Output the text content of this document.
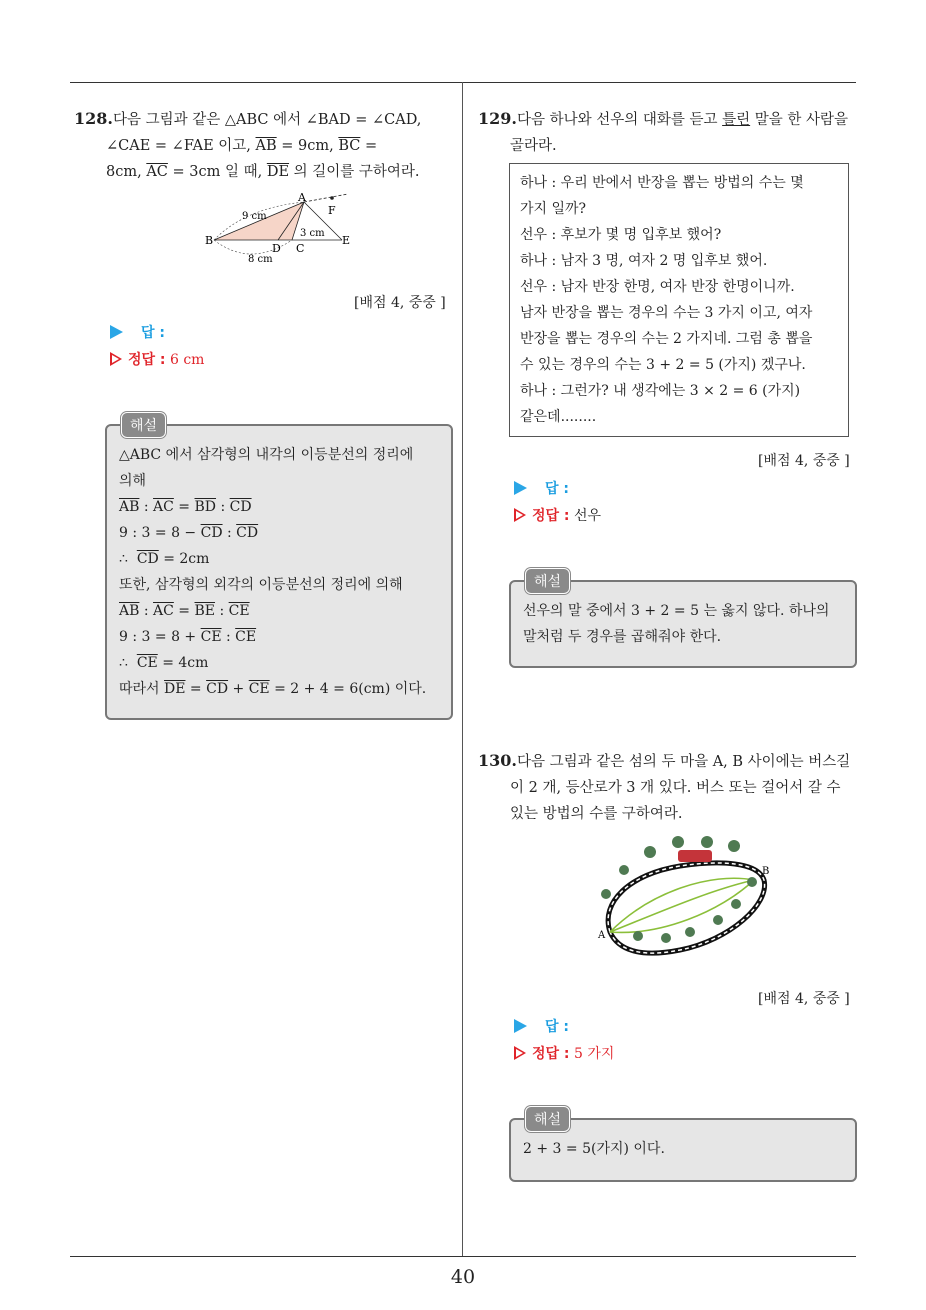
128.다음 그림과 같은 △ABC 에서 ∠BAD = ∠CAD,
∠CAE = ∠FAE 이고, $\overline{AB} = 9cm$, $\overline{BC}$ =
8cm, $\overline{AC} = 3cm$ 일 때, $\overline{DE}$ 의 길이를 구하여라.
A
B
C
D
E
F
9 cm
3 cm
8 cm
[배점 4, 중중 ]
답 :
정답 : 6 cm
△ABC 에서 삼각형의 내각의 이등분선의 정리에
의해
$\overline{AB}$ : $\overline{AC} = \overline{BD}$ : $\overline{CD}$
9 : $3 = 8 - \overline{CD}$ : $\overline{CD}$
∴  $\overline{CD} = 2cm$
또한, 삼각형의 외각의 이등분선의 정리에 의해
$\overline{AB}$ : $\overline{AC} = \overline{BE}$ : $\overline{CE}$
9 : $3 = 8 + \overline{CE}$ : $\overline{CE}$
∴  $\overline{CE} = 4cm$
따라서 $\overline{DE} = \overline{CD} + \overline{CE} = 2 + 4 = 6(cm)$ 이다.
해설
129.다음 하나와 선우의 대화를 듣고 틀린 말을 한 사람을
골라라.
하나 : 우리 반에서 반장을 뽑는 방법의 수는 몇
가지 일까?
선우 : 후보가 몇 명 입후보 했어?
하나 : 남자 3 명, 여자 2 명 입후보 했어.
선우 : 남자 반장 한명, 여자 반장 한명이니까.
남자 반장을 뽑는 경우의 수는 3 가지 이고, 여자
반장을 뽑는 경우의 수는 2 가지네. 그럼 총 뽑을
수 있는 경우의 수는 3 + 2 = 5 (가지) 겠구나.
하나 : 그런가? 내 생각에는 3 × 2 = 6 (가지)
같은데........
[배점 4, 중중 ]
답 :
정답 : 선우
선우의 말 중에서 3 + 2 = 5 는 옳지 않다. 하나의
말처럼 두 경우를 곱해줘야 한다.
해설
130.다음 그림과 같은 섬의 두 마을 A, B 사이에는 버스길
이 2 개, 등산로가 3 개 있다. 버스 또는 걸어서 갈 수
있는 방법의 수를 구하여라.
A
B
[배점 4, 중중 ]
답 :
정답 : 5 가지
2 + 3 = 5(가지) 이다.
해설
40
